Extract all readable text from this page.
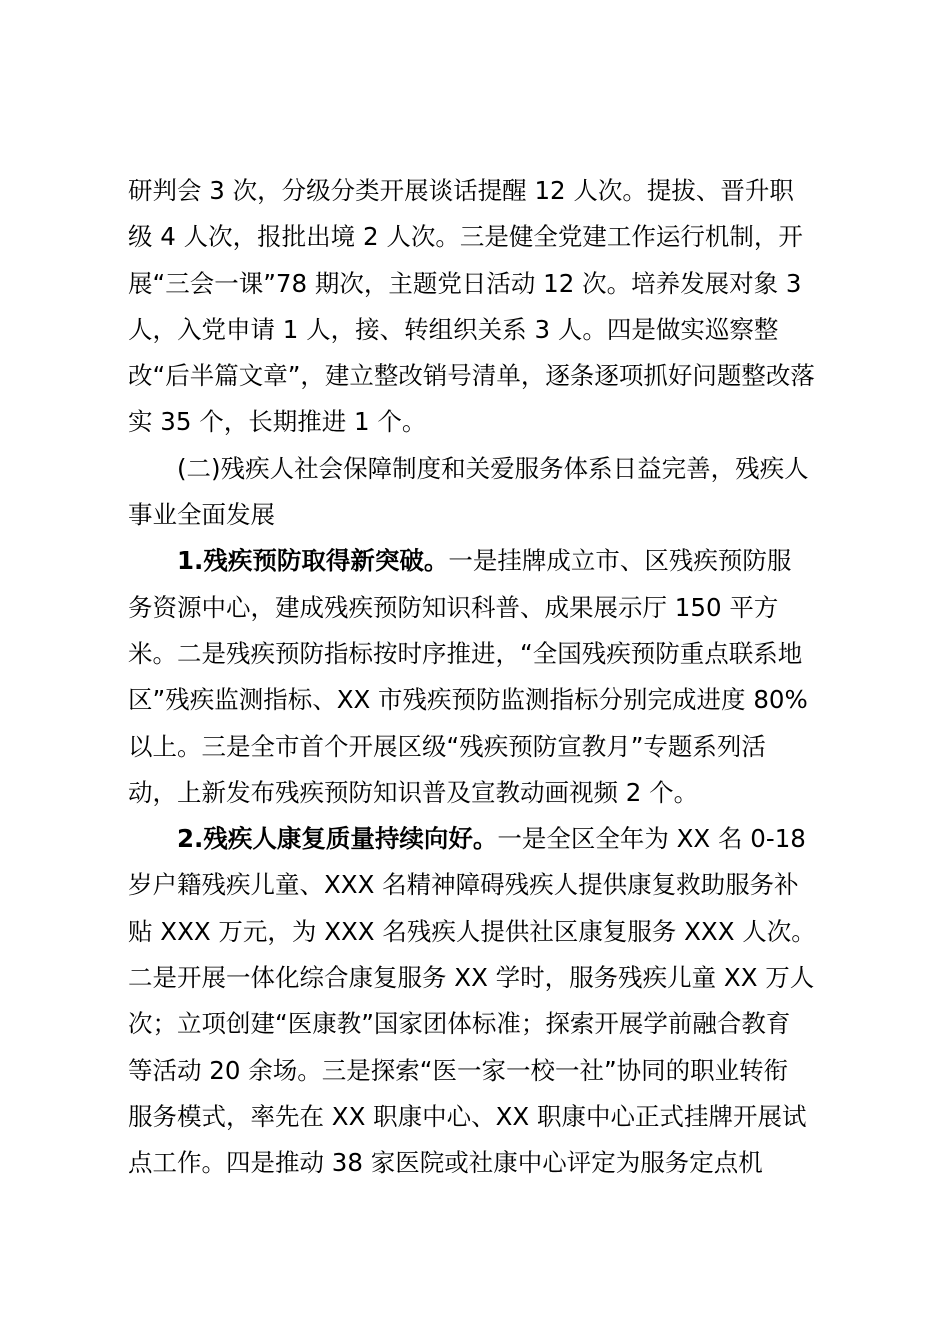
研判会 3 次，分级分类开展谈话提醒 12 人次。提拔、晋升职
级 4 人次，报批出境 2 人次。三是健全党建工作运行机制，开
展“三会一课”78 期次，主题党日活动 12 次。培养发展对象 3
人，入党申请 1 人，接、转组织关系 3 人。四是做实巡察整
改“后半篇文章”，建立整改销号清单，逐条逐项抓好问题整改落
实 35 个，长期推进 1 个。
(二)残疾人社会保障制度和关爱服务体系日益完善，残疾人
事业全面发展
1.残疾预防取得新突破。一是挂牌成立市、区残疾预防服
务资源中心，建成残疾预防知识科普、成果展示厅 150 平方
米。二是残疾预防指标按时序推进，“全国残疾预防重点联系地
区”残疾监测指标、XX 市残疾预防监测指标分别完成进度 80%
以上。三是全市首个开展区级“残疾预防宣教月”专题系列活
动，上新发布残疾预防知识普及宣教动画视频 2 个。
2.残疾人康复质量持续向好。一是全区全年为 XX 名 0-18
岁户籍残疾儿童、XXX 名精神障碍残疾人提供康复救助服务补
贴 XXX 万元，为 XXX 名残疾人提供社区康复服务 XXX 人次。
二是开展一体化综合康复服务 XX 学时，服务残疾儿童 XX 万人
次；立项创建“医康教”国家团体标准；探索开展学前融合教育
等活动 20 余场。三是探索“医一家一校一社”协同的职业转衔
服务模式，率先在 XX 职康中心、XX 职康中心正式挂牌开展试
点工作。四是推动 38 家医院或社康中心评定为服务定点机
